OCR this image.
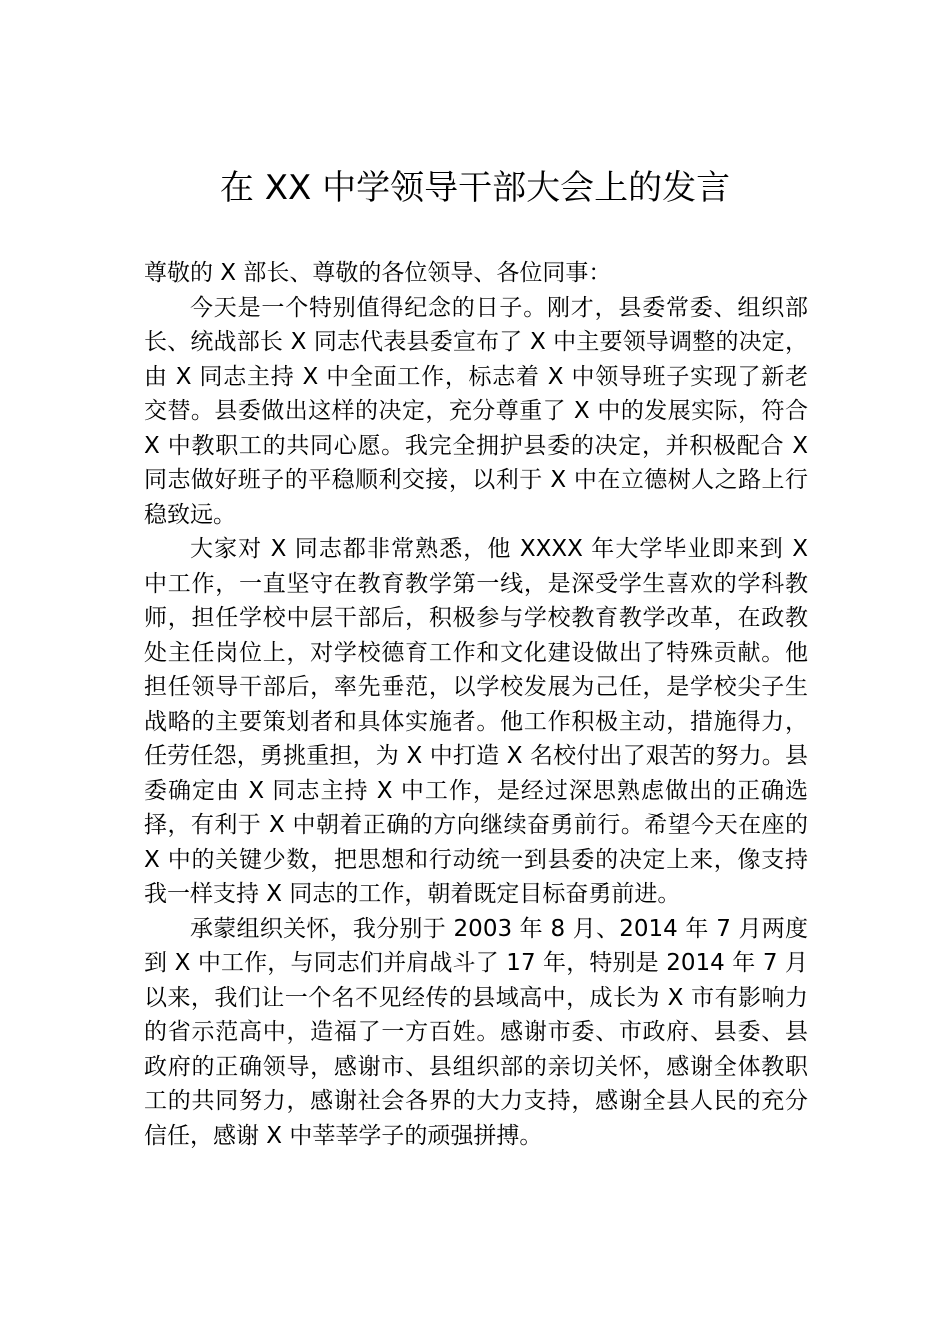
在 XX 中学领导干部大会上的发言

尊敬的 X 部长、尊敬的各位领导、各位同事：

今天是一个特别值得纪念的日子。刚才，县委常委、组织部长、统战部长 X 同志代表县委宣布了 X 中主要领导调整的决定，由 X 同志主持 X 中全面工作，标志着 X 中领导班子实现了新老交替。县委做出这样的决定，充分尊重了 X 中的发展实际，符合 X 中教职工的共同心愿。我完全拥护县委的决定，并积极配合 X 同志做好班子的平稳顺利交接，以利于 X 中在立德树人之路上行稳致远。

大家对 X 同志都非常熟悉，他 XXXX 年大学毕业即来到 X 中工作，一直坚守在教育教学第一线，是深受学生喜欢的学科教师，担任学校中层干部后，积极参与学校教育教学改革，在政教处主任岗位上，对学校德育工作和文化建设做出了特殊贡献。他担任领导干部后，率先垂范，以学校发展为己任，是学校尖子生战略的主要策划者和具体实施者。他工作积极主动，措施得力，任劳任怨，勇挑重担，为 X 中打造 X 名校付出了艰苦的努力。县委确定由 X 同志主持 X 中工作，是经过深思熟虑做出的正确选择，有利于 X 中朝着正确的方向继续奋勇前行。希望今天在座的 X 中的关键少数，把思想和行动统一到县委的决定上来，像支持我一样支持 X 同志的工作，朝着既定目标奋勇前进。

承蒙组织关怀，我分别于 2003 年 8 月、2014 年 7 月两度到 X 中工作，与同志们并肩战斗了 17 年，特别是 2014 年 7 月以来，我们让一个名不见经传的县域高中，成长为 X 市有影响力的省示范高中，造福了一方百姓。感谢市委、市政府、县委、县政府的正确领导，感谢市、县组织部的亲切关怀，感谢全体教职工的共同努力，感谢社会各界的大力支持，感谢全县人民的充分信任，感谢 X 中莘莘学子的顽强拼搏。
